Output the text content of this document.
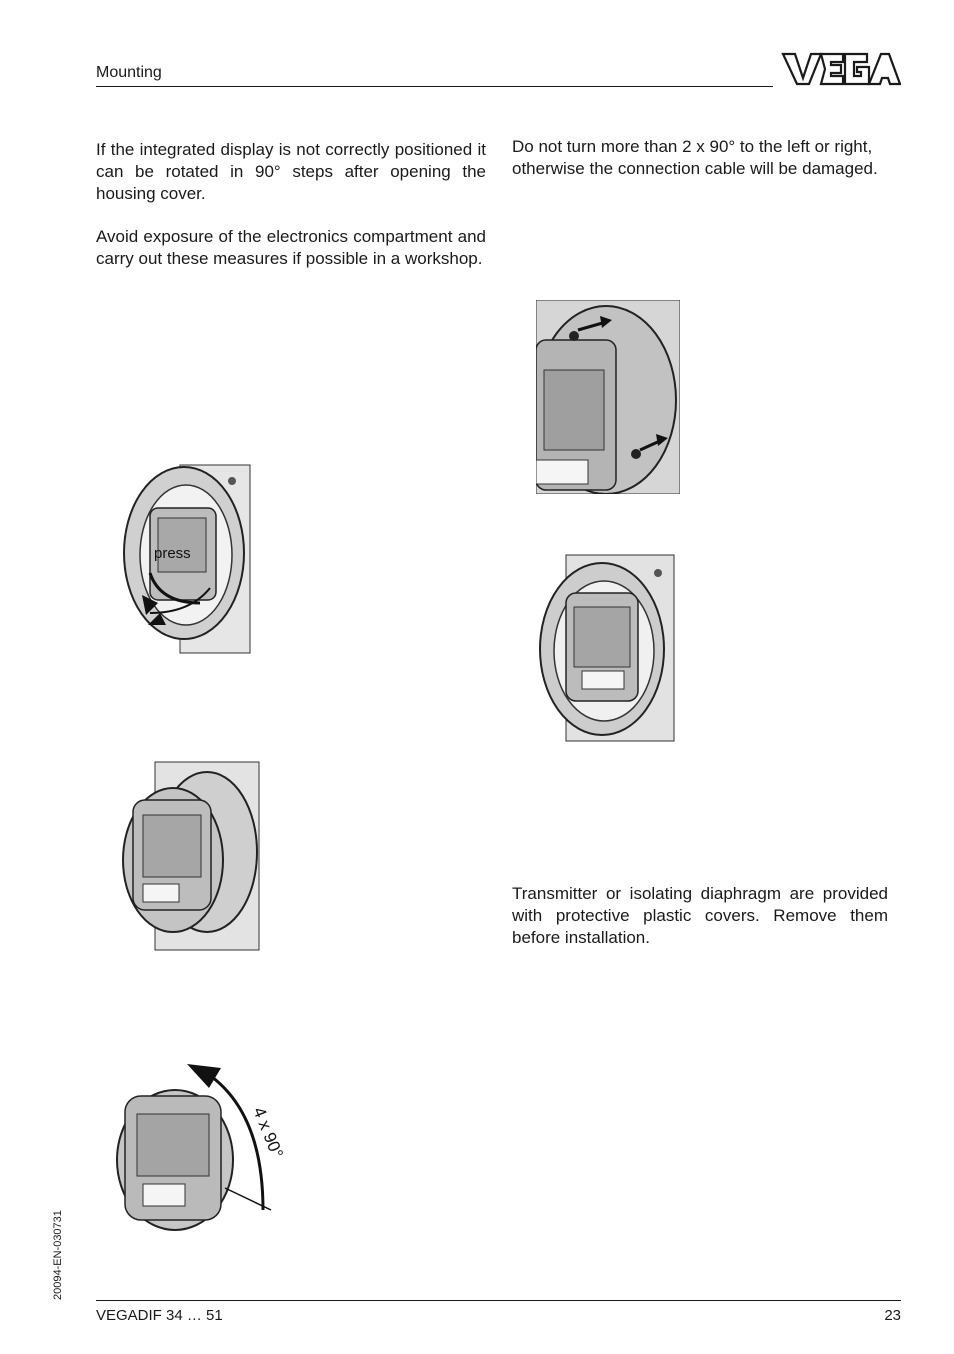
Mounting

If the integrated display is not correctly positioned it can be rotated in 90° steps after opening the housing cover.

Avoid exposure of the electronics compartment and carry out these measures if possible in a workshop.

Do not turn more than 2 x 90° to the left or right, otherwise the connection cable will be damaged.

Transmitter or isolating diaphragm are provided with protective plastic covers. Remove them before installation.

press
4 x 90°
20094-EN-030731
VEGADIF 34 … 51	23
